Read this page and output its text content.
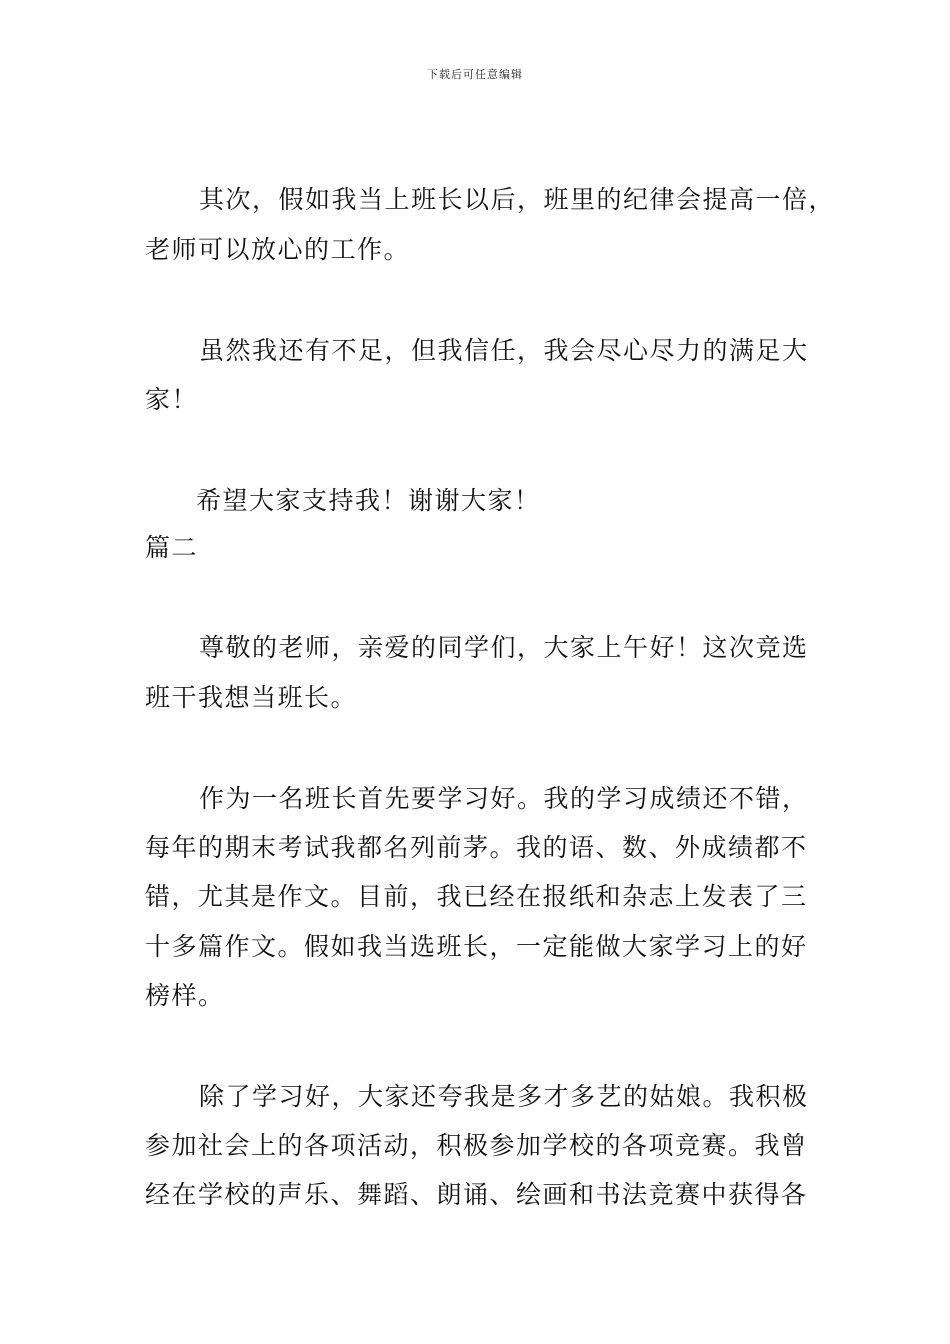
下载后可任意编辑
其次，假如我当上班长以后，班里的纪律会提高一倍，
老师可以放心的工作。
虽然我还有不足，但我信任，我会尽心尽力的满足大
家！
希望大家支持我！谢谢大家！
篇二
尊敬的老师，亲爱的同学们，大家上午好！这次竞选
班干我想当班长。
作为一名班长首先要学习好。我的学习成绩还不错，
每年的期末考试我都名列前茅。我的语、数、外成绩都不
错，尤其是作文。目前，我已经在报纸和杂志上发表了三
十多篇作文。假如我当选班长，一定能做大家学习上的好
榜样。
除了学习好，大家还夸我是多才多艺的姑娘。我积极
参加社会上的各项活动，积极参加学校的各项竞赛。我曾
经在学校的声乐、舞蹈、朗诵、绘画和书法竞赛中获得各
